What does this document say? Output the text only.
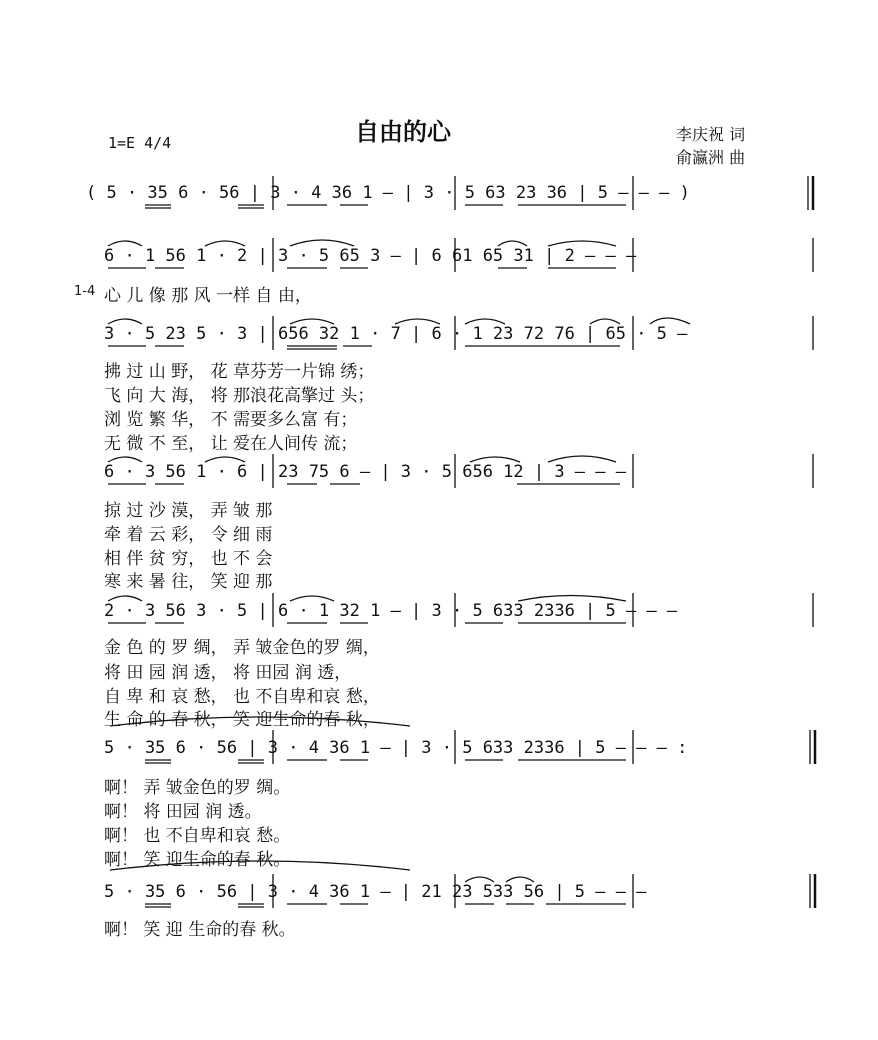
自由的心
1=E 4/4	李庆祝 词
俞瀛洲 曲
1-4
( 5 · 35 6 · 56 | 3 · 4 36 1 — | 3 · 5 63 23 36 | 5 — — — )
6 · 1 56 1 · 2 | 3 · 5 65 3 — | 6 61 65 31 | 2 — — —
心 儿 像 那 风 一样 自 由，
3 · 5 23 5 · 3 | 656 32 1 · 7 | 6 · 1 23 72 76 | 65 · 5 —
拂 过 山 野， 花 草芬芳一片锦 绣；
飞 向 大 海， 将 那浪花高擎过 头；
浏 览 繁 华， 不 需要多么富 有；
无 微 不 至， 让 爱在人间传 流；
6 · 3 56 1 · 6 | 23 75 6 — | 3 · 5 656 12 | 3 — — —
掠 过 沙 漠， 弄 皱 那
牵 着 云 彩， 令 细 雨
相 伴 贫 穷， 也 不 会
寒 来 暑 往， 笑 迎 那
2 · 3 56 3 · 5 | 6 · 1 32 1 — | 3 · 5 633 2336 | 5 — — —
金 色 的 罗 绸， 弄 皱金色的罗 绸，
将 田 园 润 透， 将 田园 润 透，
自 卑 和 哀 愁， 也 不自卑和哀 愁，
生 命 的 春 秋， 笑 迎生命的春 秋，
5 · 35 6 · 56 | 3 · 4 36 1 — | 3 · 5 633 2336 | 5 — — — :
啊！ 弄 皱金色的罗 绸。
啊！ 将 田园 润 透。
啊！ 也 不自卑和哀 愁。
啊！ 笑 迎生命的春 秋。
5 · 35 6 · 56 | 3 · 4 36 1 — | 21 23 533 56 | 5 — — —
啊！ 笑 迎 生命的春 秋。
